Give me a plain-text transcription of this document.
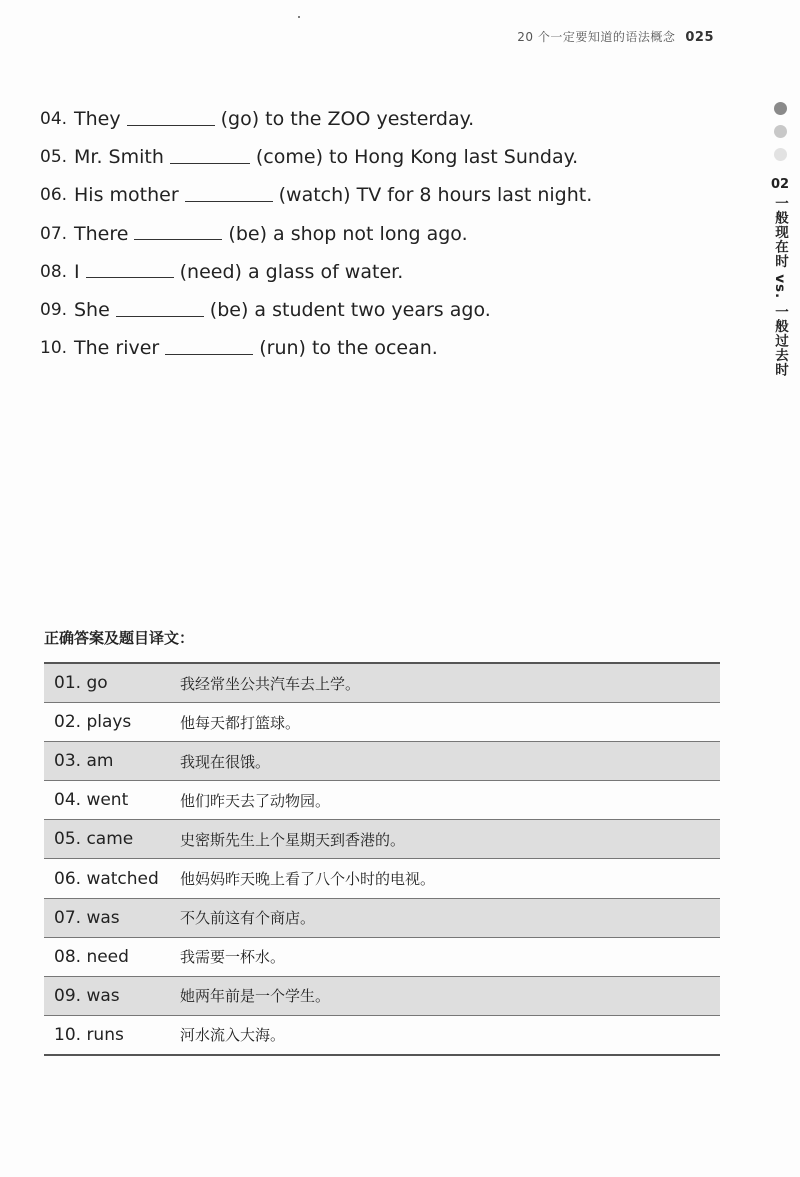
20 个一定要知道的语法概念 025
04. They	(go) to the ZOO yesterday.
05. Mr. Smith	(come) to Hong Kong last Sunday.
06. His mother	(watch) TV for 8 hours last night.
07. There	(be) a shop not long ago.
08. I	(need) a glass of water.
09. She	(be) a student two years ago.
10. The river	(run) to the ocean.
02
一般现在时 vs. 一般过去时
正确答案及题目译文：
01. go	我经常坐公共汽车去上学。
02. plays	他每天都打篮球。
03. am	我现在很饿。
04. went	他们昨天去了动物园。
05. came	史密斯先生上个星期天到香港的。
06. watched	他妈妈昨天晚上看了八个小时的电视。
07. was	不久前这有个商店。
08. need	我需要一杯水。
09. was	她两年前是一个学生。
10. runs	河水流入大海。
